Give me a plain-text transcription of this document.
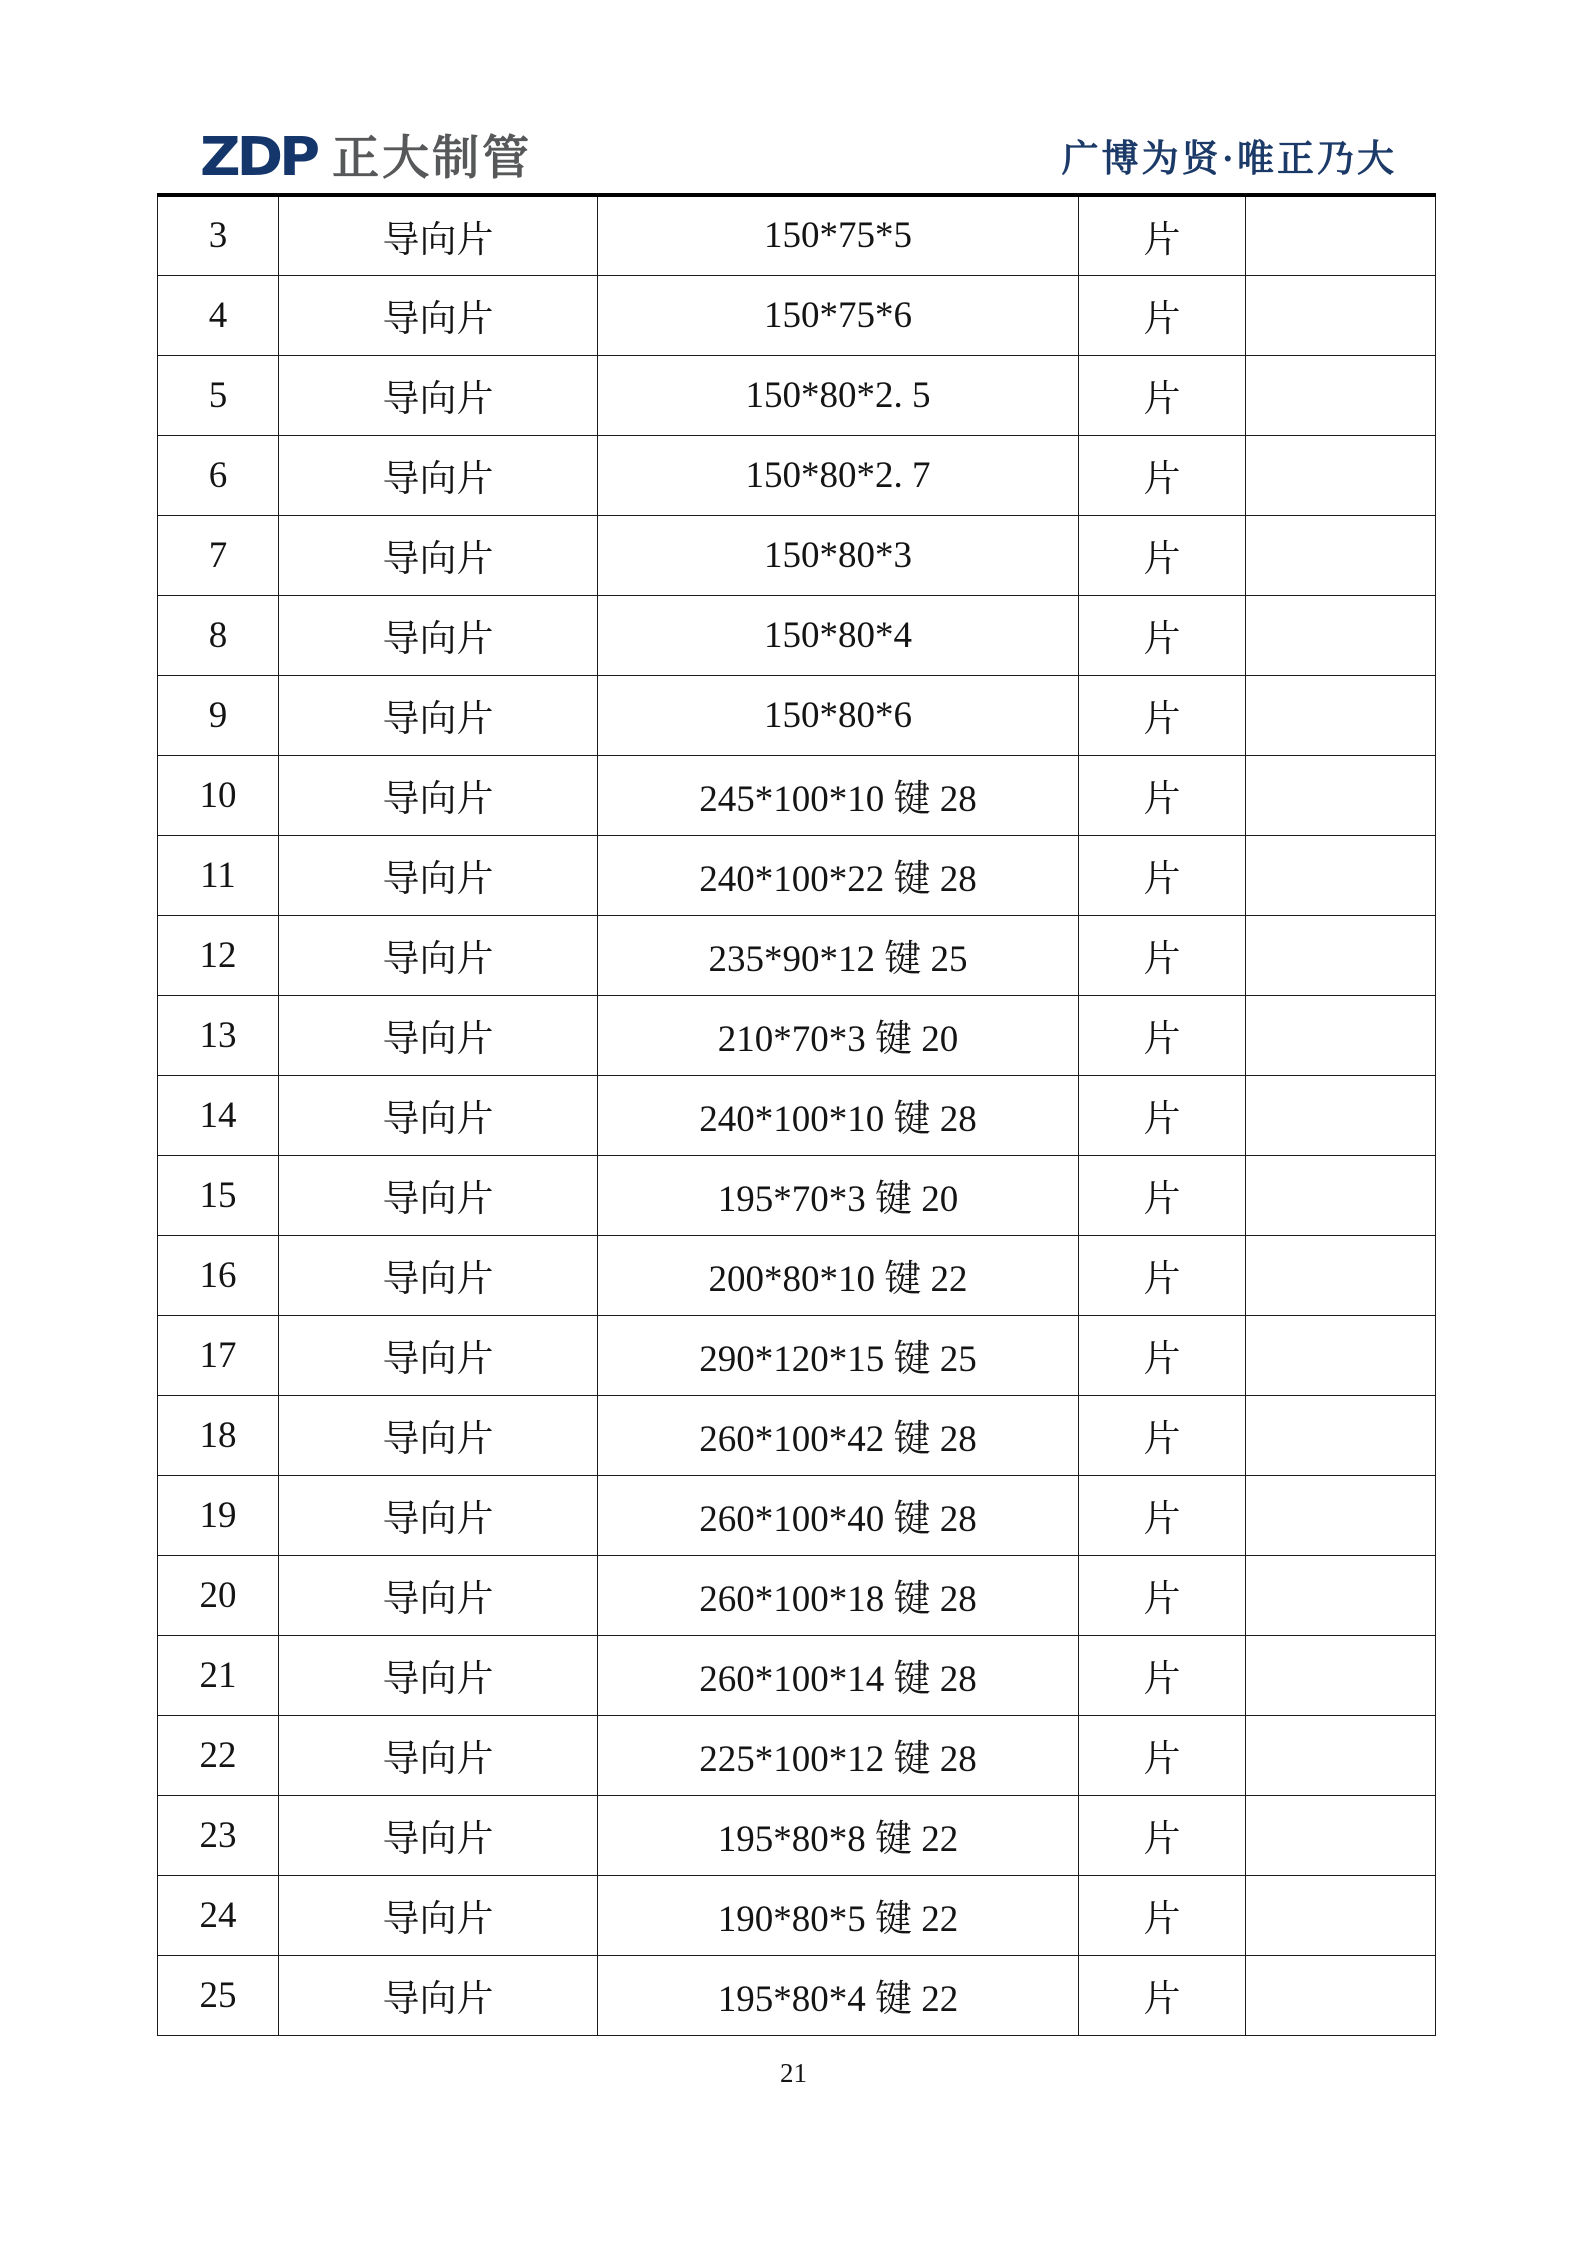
ZDP 正大制管	广博为贤·唯正乃大
3	导向片	150*75*5	片	
4	导向片	150*75*6	片	
5	导向片	150*80*2. 5	片	
6	导向片	150*80*2. 7	片	
7	导向片	150*80*3	片	
8	导向片	150*80*4	片	
9	导向片	150*80*6	片	
10	导向片	245*100*10 键 28	片	
11	导向片	240*100*22 键 28	片	
12	导向片	235*90*12 键 25	片	
13	导向片	210*70*3 键 20	片	
14	导向片	240*100*10 键 28	片	
15	导向片	195*70*3 键 20	片	
16	导向片	200*80*10 键 22	片	
17	导向片	290*120*15 键 25	片	
18	导向片	260*100*42 键 28	片	
19	导向片	260*100*40 键 28	片	
20	导向片	260*100*18 键 28	片	
21	导向片	260*100*14 键 28	片	
22	导向片	225*100*12 键 28	片	
23	导向片	195*80*8 键 22	片	
24	导向片	190*80*5 键 22	片	
25	导向片	195*80*4 键 22	片	
21
